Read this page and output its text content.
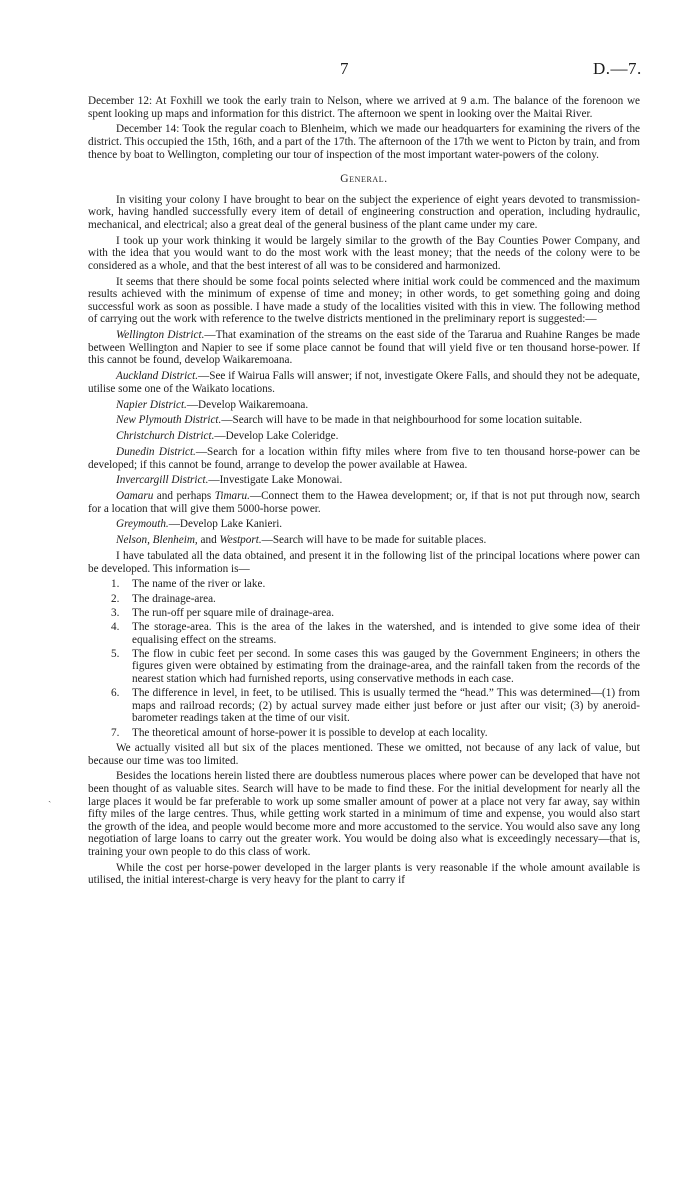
7	D.—7.

December 12: At Foxhill we took the early train to Nelson, where we arrived at 9 a.m. The balance of the forenoon we spent looking up maps and information for this district. The afternoon we spent in looking over the Maitai River.

December 14: Took the regular coach to Blenheim, which we made our headquarters for examining the rivers of the district. This occupied the 15th, 16th, and a part of the 17th. The afternoon of the 17th we went to Picton by train, and from thence by boat to Wellington, completing our tour of inspection of the most important water-powers of the colony.

General.

In visiting your colony I have brought to bear on the subject the experience of eight years devoted to transmission-work, having handled successfully every item of detail of engineering construction and operation, including hydraulic, mechanical, and electrical; also a great deal of the general business of the plant came under my care.

I took up your work thinking it would be largely similar to the growth of the Bay Counties Power Company, and with the idea that you would want to do the most work with the least money; that the needs of the colony were to be considered as a whole, and that the best interest of all was to be considered and harmonized.

It seems that there should be some focal points selected where initial work could be commenced and the maximum results achieved with the minimum of expense of time and money; in other words, to get something going and doing successful work as soon as possible. I have made a study of the localities visited with this in view. The following method of carrying out the work with reference to the twelve districts mentioned in the preliminary report is suggested:—

Wellington District.—That examination of the streams on the east side of the Tararua and Ruahine Ranges be made between Wellington and Napier to see if some place cannot be found that will yield five or ten thousand horse-power. If this cannot be found, develop Waikaremoana.

Auckland District.—See if Wairua Falls will answer; if not, investigate Okere Falls, and should they not be adequate, utilise some one of the Waikato locations.

Napier District.—Develop Waikaremoana.

New Plymouth District.—Search will have to be made in that neighbourhood for some location suitable.

Christchurch District.—Develop Lake Coleridge.

Dunedin District.—Search for a location within fifty miles where from five to ten thousand horse-power can be developed; if this cannot be found, arrange to develop the power available at Hawea.

Invercargill District.—Investigate Lake Monowai.

Oamaru and perhaps Timaru.—Connect them to the Hawea development; or, if that is not put through now, search for a location that will give them 5000-horse power.

Greymouth.—Develop Lake Kanieri.

Nelson, Blenheim, and Westport.—Search will have to be made for suitable places.

I have tabulated all the data obtained, and present it in the following list of the principal locations where power can be developed. This information is—

1. The name of the river or lake.
2. The drainage-area.
3. The run-off per square mile of drainage-area.
4. The storage-area. This is the area of the lakes in the watershed, and is intended to give some idea of their equalising effect on the streams.
5. The flow in cubic feet per second. In some cases this was gauged by the Government Engineers; in others the figures given were obtained by estimating from the drainage-area, and the rainfall taken from the records of the nearest station which had furnished reports, using conservative methods in each case.
6. The difference in level, in feet, to be utilised. This is usually termed the “head.” This was determined—(1) from maps and railroad records; (2) by actual survey made either just before or just after our visit; (3) by aneroid-barometer readings taken at the time of our visit.
7. The theoretical amount of horse-power it is possible to develop at each locality.

We actually visited all but six of the places mentioned. These we omitted, not because of any lack of value, but because our time was too limited.

Besides the locations herein listed there are doubtless numerous places where power can be developed that have not been thought of as valuable sites. Search will have to be made to find these. For the initial development for nearly all the large places it would be far preferable to work up some smaller amount of power at a place not very far away, say within fifty miles of the large centres. Thus, while getting work started in a minimum of time and expense, you would also start the growth of the idea, and people would become more and more accustomed to the service. You would also save any long negotiation of large loans to carry out the greater work. You would be doing also what is exceedingly necessary—that is, training your own people to do this class of work.

While the cost per horse-power developed in the larger plants is very reasonable if the whole amount available is utilised, the initial interest-charge is very heavy for the plant to carry if

ˏ
